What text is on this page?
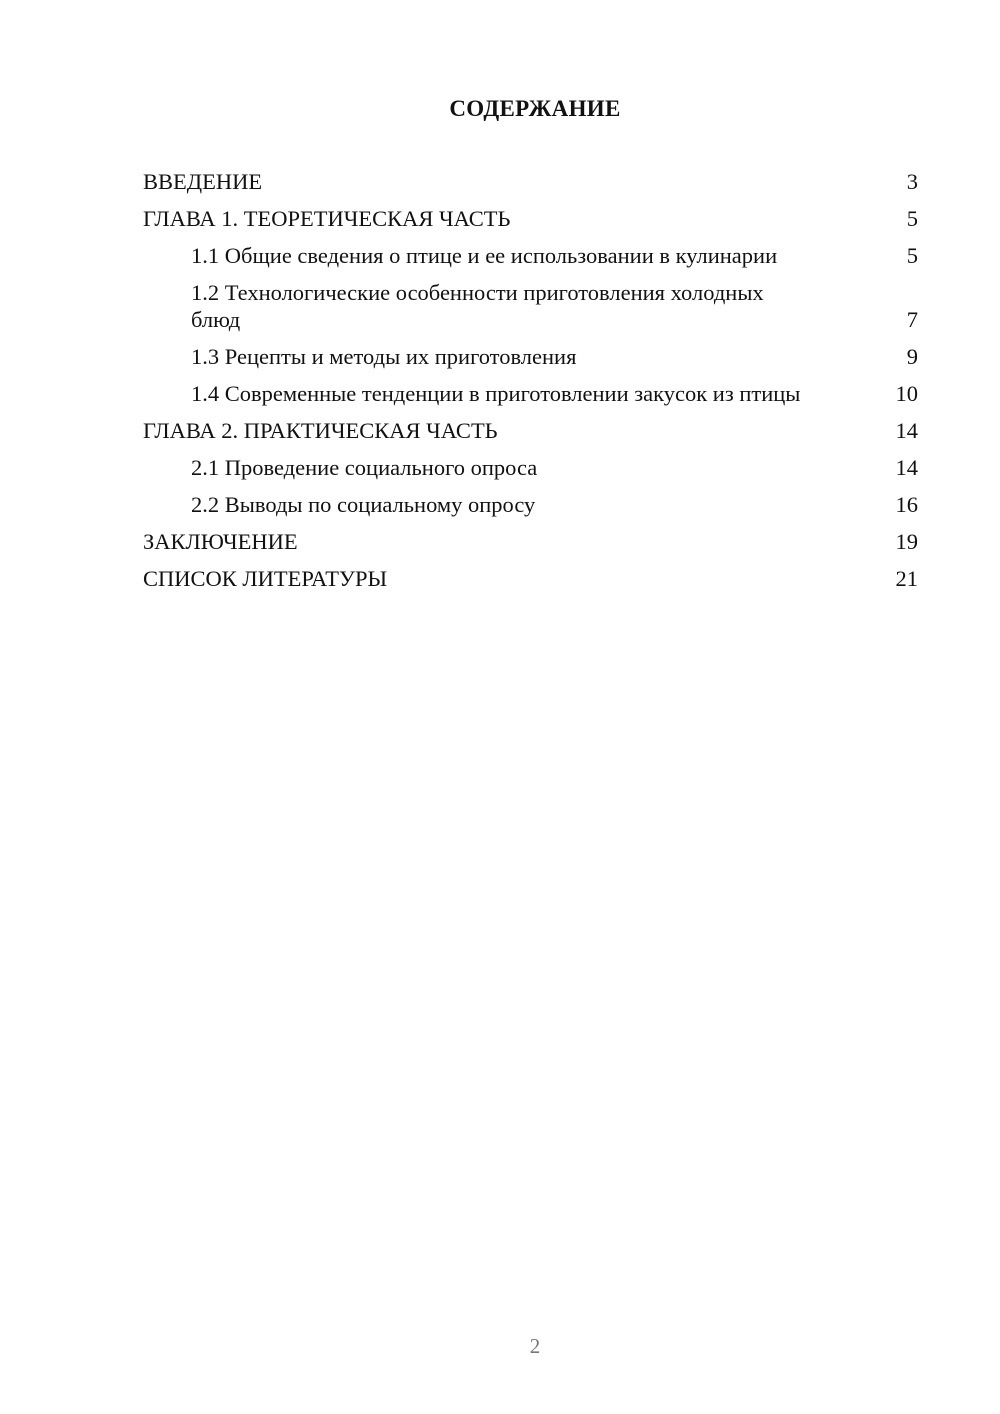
СОДЕРЖАНИЕ
ВВЕДЕНИЕ	3
ГЛАВА 1. ТЕОРЕТИЧЕСКАЯ ЧАСТЬ	5
1.1 Общие сведения о птице и ее использовании в кулинарии	5
1.2 Технологические особенности приготовления холодных блюд	7
1.3 Рецепты и методы их приготовления	9
1.4 Современные тенденции в приготовлении закусок из птицы	10
ГЛАВА 2. ПРАКТИЧЕСКАЯ ЧАСТЬ	14
2.1 Проведение социального опроса	14
2.2 Выводы по социальному опросу	16
ЗАКЛЮЧЕНИЕ	19
СПИСОК ЛИТЕРАТУРЫ	21
2
